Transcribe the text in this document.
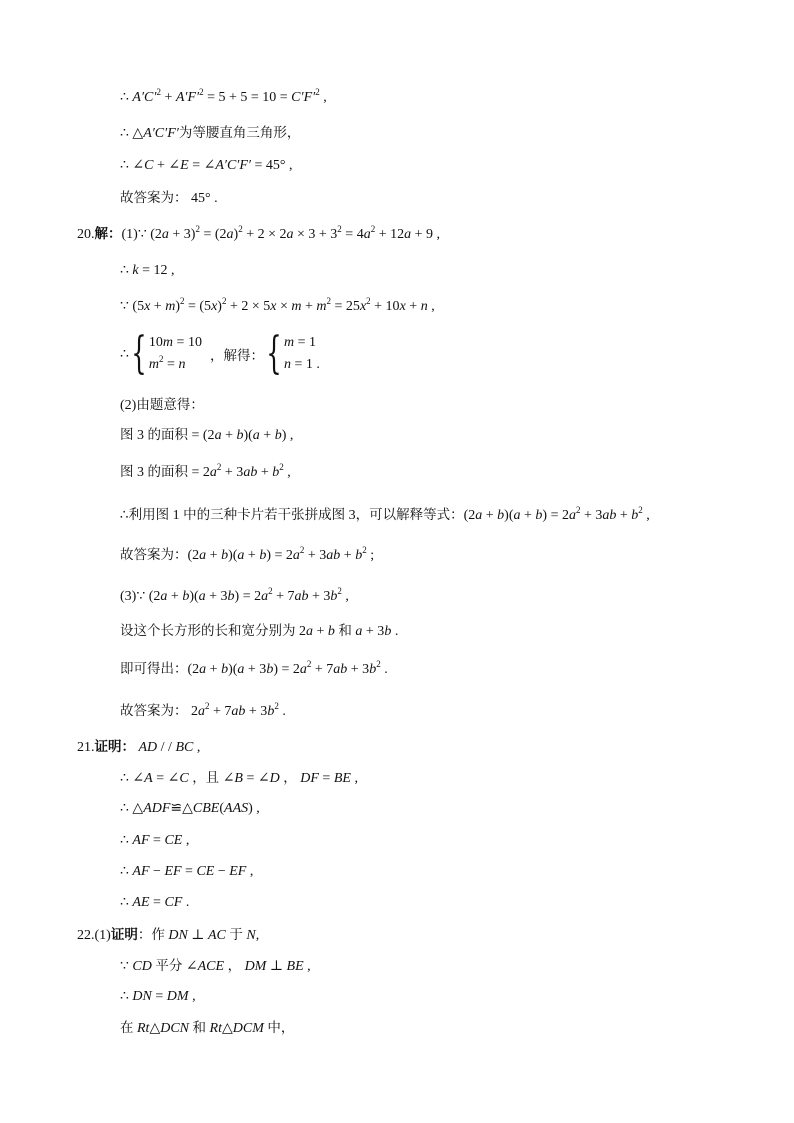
∴ $A'C'^2 + A'F'^2 = 5 + 5 = 10 = C'F'^2$ ,
∴ △A′C′F′为等腰直角三角形，
∴ ∠C + ∠E = ∠A′C′F′ = 45° ,
故答案为： 45° .
20.解：(1)∵ $(2a + 3)^2 = (2a)^2 + 2 \times 2a \times 3 + 3^2 = 4a^2 + 12a + 9$ ,
∴ k = 12 ,
∵ $(5x + m)^2 = (5x)^2 + 2 \times 5x \times m + m^2 = 25x^2 + 10x + n$ ,
∴ { 10m = 10
$m^2 = n$
，解得： { m = 1
n = 1 .
(2)由题意得：
图 3 的面积 = (2a + b)(a + b) ,
图 3 的面积 = $2a^2 + 3ab + b^2$ ,
∴利用图 1 中的三种卡片若干张拼成图 3，可以解释等式：$(2a + b)(a + b) = 2a^2 + 3ab + b^2$ ,
故答案为：$(2a + b)(a + b) = 2a^2 + 3ab + b^2$ ;
(3)∵ $(2a + b)(a + 3b) = 2a^2 + 7ab + 3b^2$ ,
设这个长方形的长和宽分别为 2a + b 和 a + 3b .
即可得出：$(2a + b)(a + 3b) = 2a^2 + 7ab + 3b^2$ .
故答案为： $2a^2 + 7ab + 3b^2$ .
21.证明： AD / / BC ,
∴ ∠A = ∠C ，且 ∠B = ∠D ， DF = BE ,
∴ △ADF≌△CBE(AAS) ,
∴ AF = CE ,
∴ AF − EF = CE − EF ,
∴ AE = CF .
22.(1)证明：作 DN ⊥ AC 于 N,
∵ CD 平分 ∠ACE ， DM ⊥ BE ,
∴ DN = DM ,
在 Rt△DCN 和 Rt△DCM 中，
